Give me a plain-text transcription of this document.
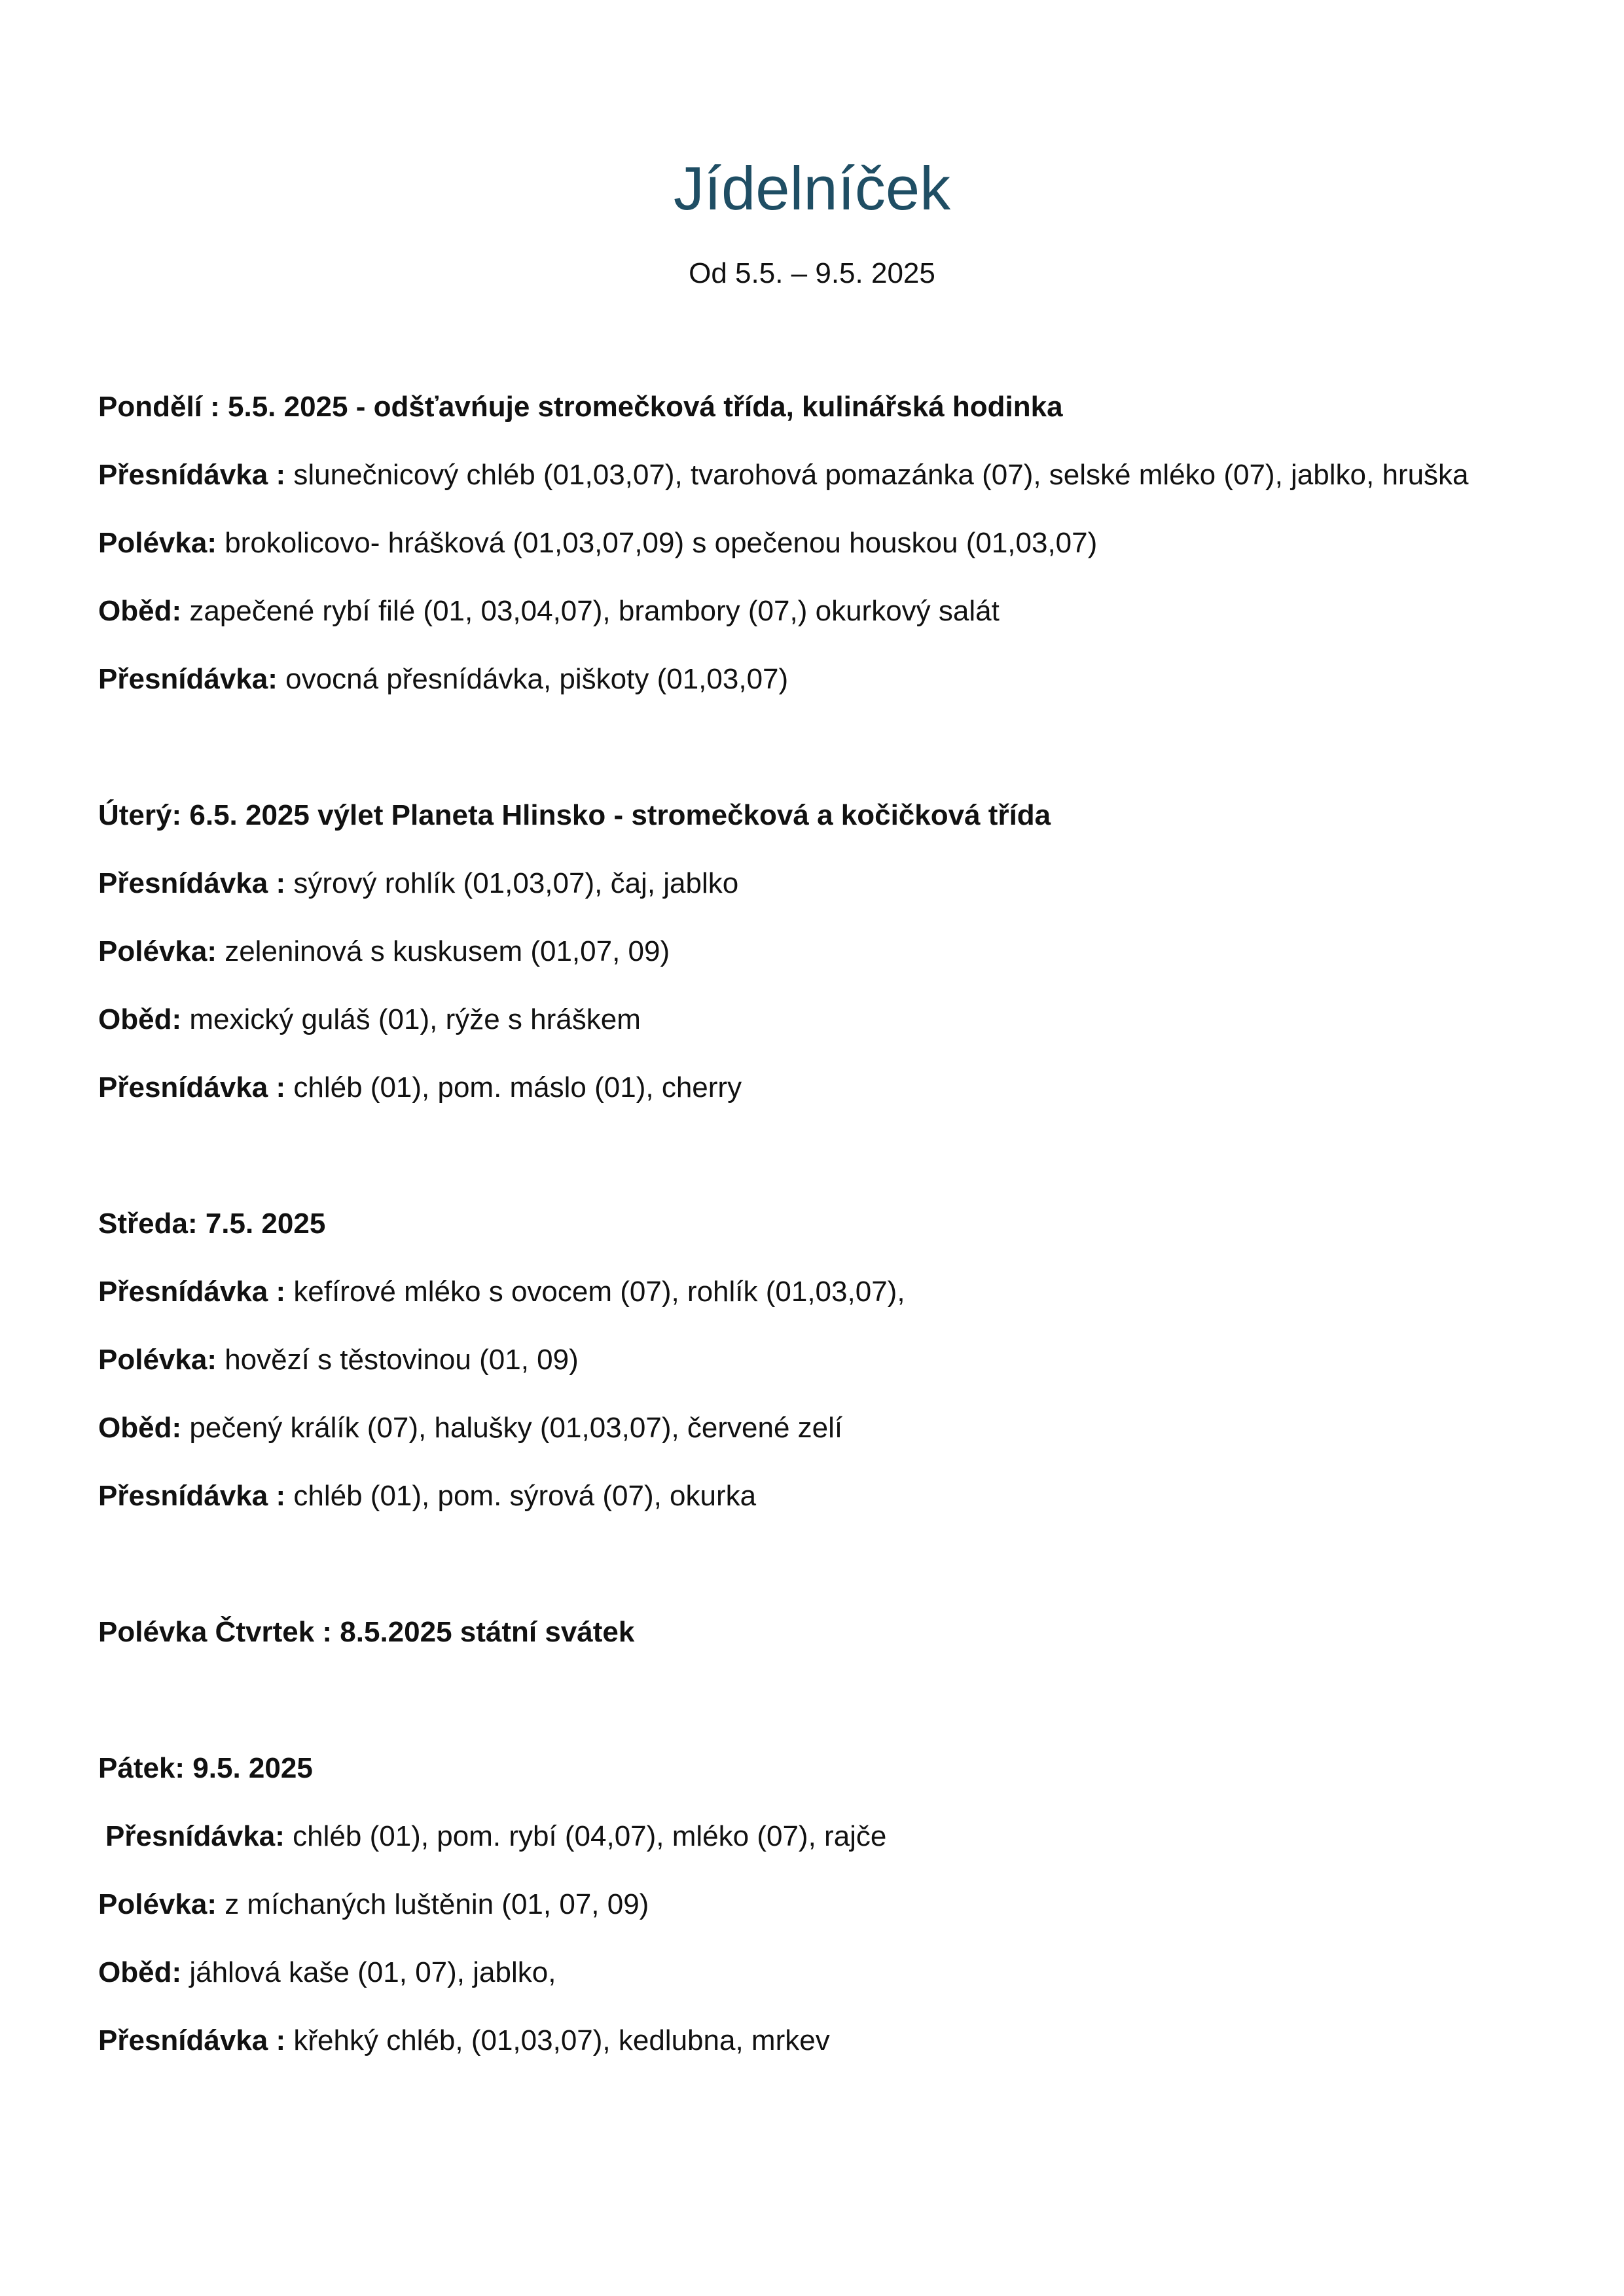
Jídelníček
Od 5.5. – 9.5. 2025
Pondělí : 5.5. 2025 - odšťavńuje stromečková třída, kulinářská hodinka
Přesnídávka : slunečnicový chléb (01,03,07), tvarohová pomazánka (07), selské mléko (07), jablko, hruška
Polévka: brokolicovo- hrášková (01,03,07,09) s opečenou houskou (01,03,07)
Oběd: zapečené rybí filé (01, 03,04,07), brambory (07,) okurkový salát
Přesnídávka: ovocná přesnídávka, piškoty (01,03,07)
Úterý: 6.5. 2025 výlet Planeta Hlinsko - stromečková a kočičková třída
Přesnídávka : sýrový rohlík (01,03,07), čaj, jablko
Polévka: zeleninová s kuskusem (01,07, 09)
Oběd: mexický guláš (01), rýže s hráškem
Přesnídávka : chléb (01), pom. máslo (01), cherry
Středa: 7.5. 2025
Přesnídávka : kefírové mléko s ovocem (07), rohlík (01,03,07),
Polévka: hovězí s těstovinou (01, 09)
Oběd: pečený králík (07), halušky (01,03,07), červené zelí
Přesnídávka : chléb (01), pom. sýrová (07), okurka
Polévka Čtvrtek : 8.5.2025 státní svátek
Pátek: 9.5. 2025
Přesnídávka: chléb (01), pom. rybí (04,07), mléko (07), rajče
Polévka: z míchaných luštěnin (01, 07, 09)
Oběd: jáhlová kaše (01, 07), jablko,
Přesnídávka : křehký chléb, (01,03,07), kedlubna, mrkev
